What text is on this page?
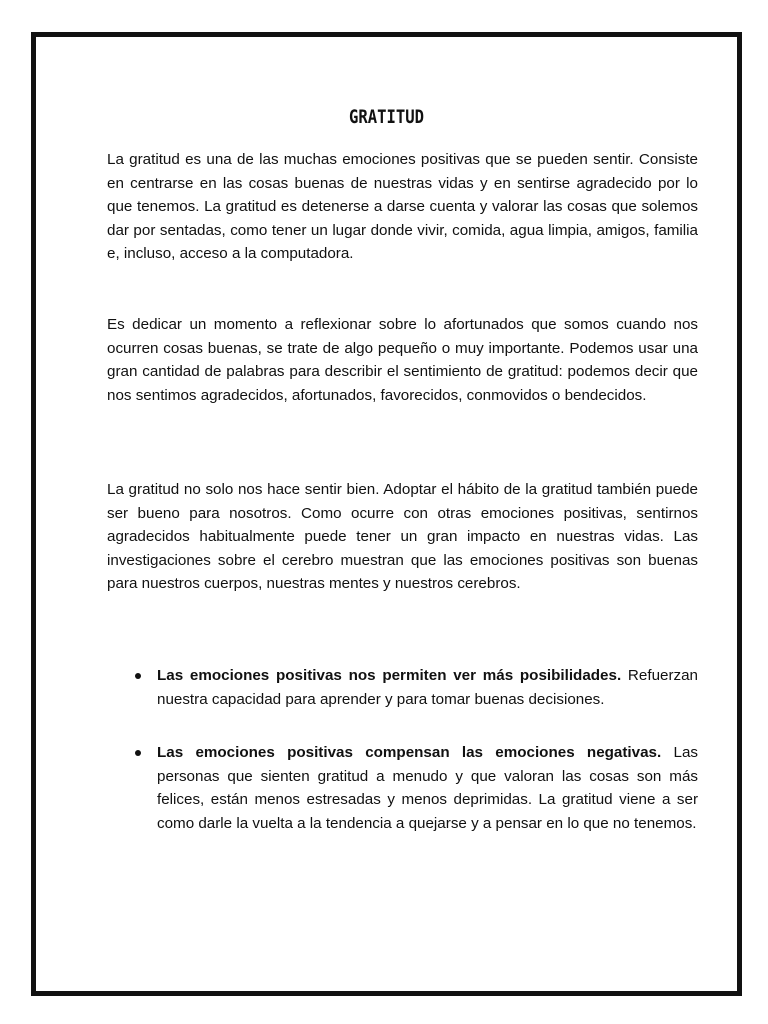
GRATITUD

La gratitud es una de las muchas emociones positivas que se pueden sentir. Consiste en centrarse en las cosas buenas de nuestras vidas y en sentirse agradecido por lo que tenemos. La gratitud es detenerse a darse cuenta y valorar las cosas que solemos dar por sentadas, como tener un lugar donde vivir, comida, agua limpia, amigos, familia e, incluso, acceso a la computadora.

Es dedicar un momento a reflexionar sobre lo afortunados que somos cuando nos ocurren cosas buenas, se trate de algo pequeño o muy importante. Podemos usar una gran cantidad de palabras para describir el sentimiento de gratitud: podemos decir que nos sentimos agradecidos, afortunados, favorecidos, conmovidos o bendecidos.

La gratitud no solo nos hace sentir bien. Adoptar el hábito de la gratitud también puede ser bueno para nosotros. Como ocurre con otras emociones positivas, sentirnos agradecidos habitualmente puede tener un gran impacto en nuestras vidas. Las investigaciones sobre el cerebro muestran que las emociones positivas son buenas para nuestros cuerpos, nuestras mentes y nuestros cerebros.

Las emociones positivas nos permiten ver más posibilidades. Refuerzan nuestra capacidad para aprender y para tomar buenas decisiones.
Las emociones positivas compensan las emociones negativas. Las personas que sienten gratitud a menudo y que valoran las cosas son más felices, están menos estresadas y menos deprimidas. La gratitud viene a ser como darle la vuelta a la tendencia a quejarse y a pensar en lo que no tenemos.
